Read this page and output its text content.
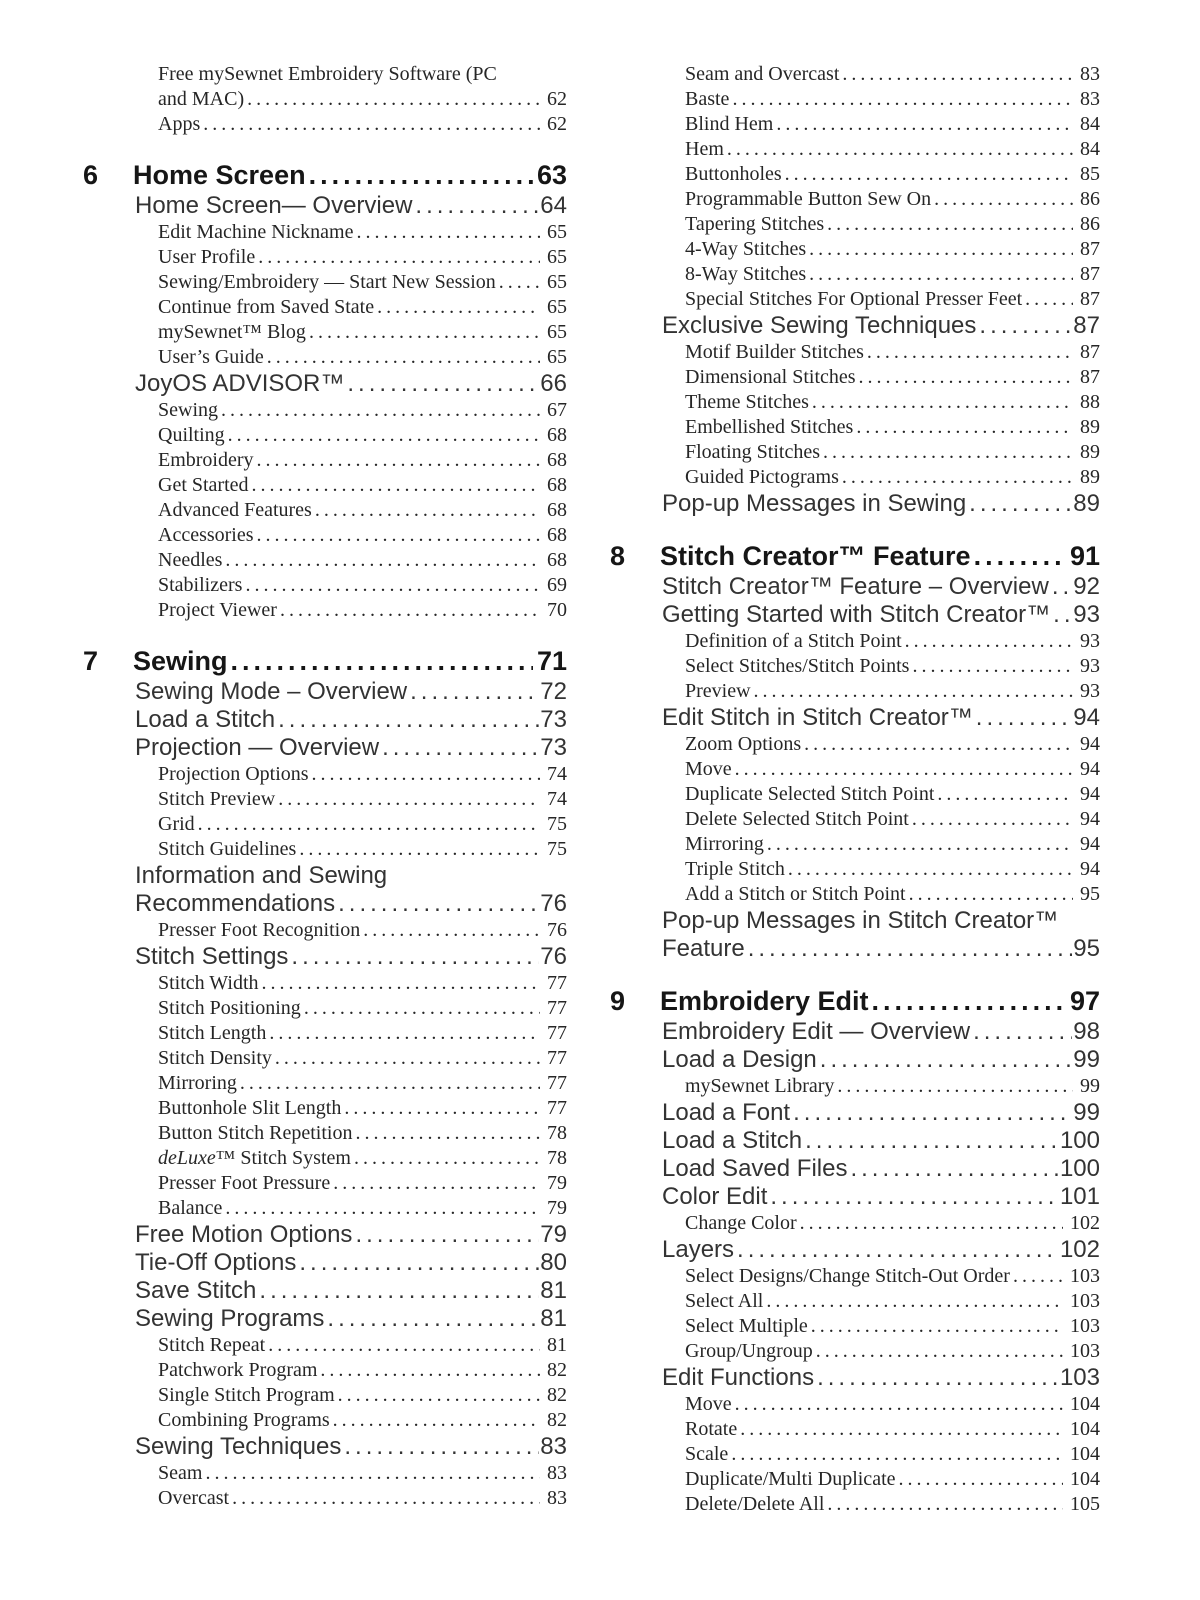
Free mySewnet Embroidery Software (PC
and MAC) .....	62
Apps .....	62
6	Home Screen .....	63
Home Screen— Overview .....	64
Edit Machine Nickname .....	65
User Profile .....	65
Sewing/Embroidery — Start New Session .....	65
Continue from Saved State .....	65
mySewnet™ Blog .....	65
User’s Guide .....	65
JoyOS ADVISOR™ .....	66
Sewing .....	67
Quilting .....	68
Embroidery .....	68
Get Started .....	68
Advanced Features .....	68
Accessories .....	68
Needles .....	68
Stabilizers .....	69
Project Viewer .....	70
7	Sewing .....	71
Sewing Mode – Overview .....	72
Load a Stitch .....	73
Projection — Overview .....	73
Projection Options .....	74
Stitch Preview .....	74
Grid .....	75
Stitch Guidelines .....	75
Information and Sewing
Recommendations .....	76
Presser Foot Recognition .....	76
Stitch Settings .....	76
Stitch Width .....	77
Stitch Positioning .....	77
Stitch Length .....	77
Stitch Density .....	77
Mirroring .....	77
Buttonhole Slit Length .....	77
Button Stitch Repetition .....	78
deLuxe™ Stitch System .....	78
Presser Foot Pressure .....	79
Balance .....	79
Free Motion Options .....	79
Tie-Off Options .....	80
Save Stitch .....	81
Sewing Programs .....	81
Stitch Repeat .....	81
Patchwork Program .....	82
Single Stitch Program .....	82
Combining Programs .....	82
Sewing Techniques .....	83
Seam .....	83
Overcast .....	83
Seam and Overcast .....	83
Baste .....	83
Blind Hem .....	84
Hem .....	84
Buttonholes .....	85
Programmable Button Sew On .....	86
Tapering Stitches .....	86
4-Way Stitches .....	87
8-Way Stitches .....	87
Special Stitches For Optional Presser Feet .....	87
Exclusive Sewing Techniques .....	87
Motif Builder Stitches .....	87
Dimensional Stitches .....	87
Theme Stitches .....	88
Embellished Stitches .....	89
Floating Stitches .....	89
Guided Pictograms .....	89
Pop-up Messages in Sewing .....	89
8	Stitch Creator™ Feature .....	91
Stitch Creator™ Feature – Overview ..... 92
Getting Started with Stitch Creator™ ..... 93
Definition of a Stitch Point .....	93
Select Stitches/Stitch Points .....	93
Preview .....	93
Edit Stitch in Stitch Creator™ .....	94
Zoom Options .....	94
Move .....	94
Duplicate Selected Stitch Point .....	94
Delete Selected Stitch Point .....	94
Mirroring .....	94
Triple Stitch .....	94
Add a Stitch or Stitch Point .....	95
Pop-up Messages in Stitch Creator™
Feature .....	95
9	Embroidery Edit .....	97
Embroidery Edit — Overview .....	98
Load a Design .....	99
mySewnet Library .....	99
Load a Font .....	99
Load a Stitch .....	100
Load Saved Files .....	100
Color Edit .....	101
Change Color .....	102
Layers .....	102
Select Designs/Change Stitch-Out Order .....	103
Select All .....	103
Select Multiple .....	103
Group/Ungroup .....	103
Edit Functions .....	103
Move .....	104
Rotate .....	104
Scale .....	104
Duplicate/Multi Duplicate .....	104
Delete/Delete All .....	105
